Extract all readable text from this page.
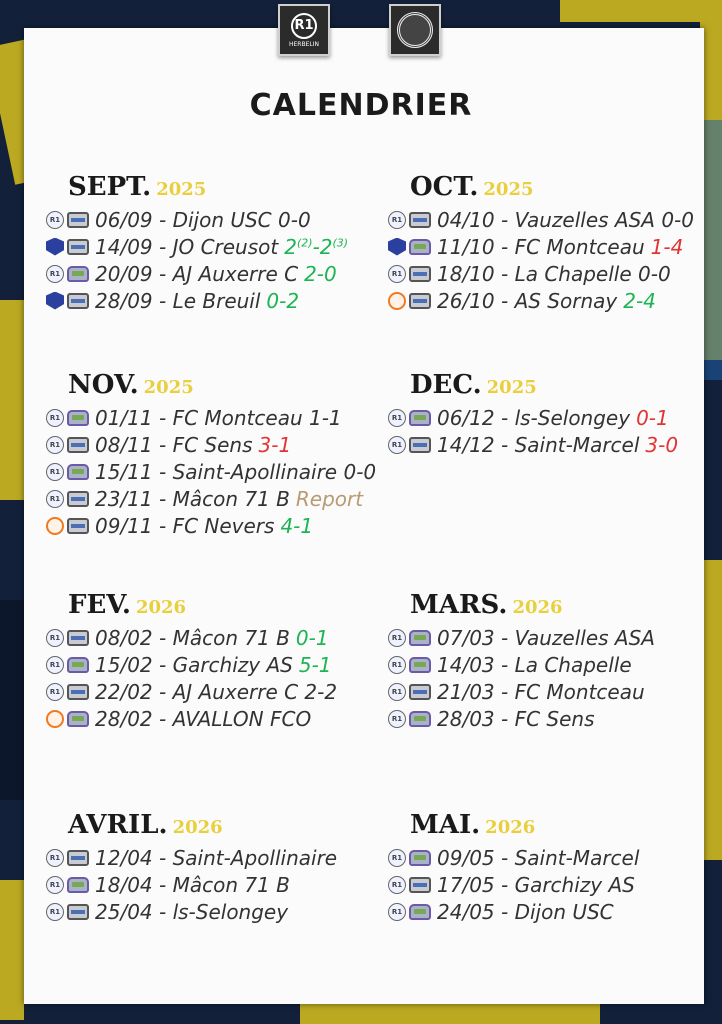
R1
HERBELIN
CALENDRIER
SEPT. 2025
R1 06/09 - Dijon USC 0-0
14/09 - JO Creusot 2$^{(2)}$-2$^{(3)}$
R1 20/09 - AJ Auxerre C 2-0
28/09 - Le Breuil 0-2
OCT. 2025
R1 04/10 - Vauzelles ASA 0-0
11/10 - FC Montceau 1-4
R1 18/10 - La Chapelle 0-0
26/10 - AS Sornay 2-4
NOV. 2025
R1 01/11 - FC Montceau 1-1
R1 08/11 - FC Sens 3-1
R1 15/11 - Saint-Apollinaire 0-0
R1 23/11 - Mâcon 71 B Report
09/11 - FC Nevers 4-1
DEC. 2025
R1 06/12 - ls-Selongey 0-1
R1 14/12 - Saint-Marcel 3-0
FEV. 2026
R1 08/02 - Mâcon 71 B 0-1
R1 15/02 - Garchizy AS 5-1
R1 22/02 - AJ Auxerre C 2-2
28/02 - AVALLON FCO
MARS. 2026
R1 07/03 - Vauzelles ASA
R1 14/03 - La Chapelle
R1 21/03 - FC Montceau
R1 28/03 - FC Sens
AVRIL. 2026
R1 12/04 - Saint-Apollinaire
R1 18/04 - Mâcon 71 B
R1 25/04 - ls-Selongey
MAI. 2026
R1 09/05 - Saint-Marcel
R1 17/05 - Garchizy AS
R1 24/05 - Dijon USC
